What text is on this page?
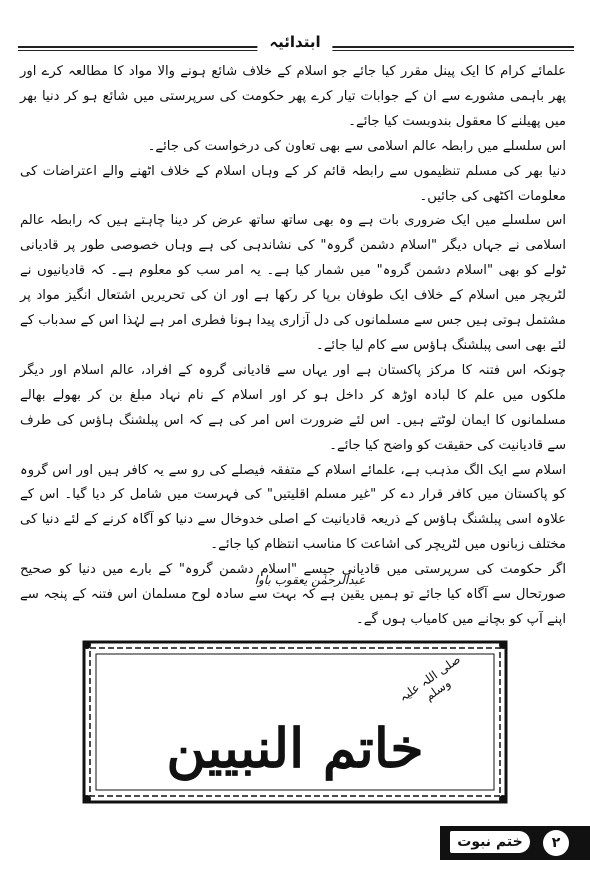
ابتدائیہ

علمائے کرام کا ایک پینل مقرر کیا جائے جو اسلام کے خلاف شائع ہونے والا مواد کا مطالعہ کرے اور پھر باہمی مشورے سے ان کے جوابات تیار کرے پھر حکومت کی سرپرستی میں شائع ہو کر دنیا بھر میں پھیلنے کا معقول بندوبست کیا جائے۔

اس سلسلے میں رابطہ عالم اسلامی سے بھی تعاون کی درخواست کی جائے۔

دنیا بھر کی مسلم تنظیموں سے رابطہ قائم کر کے وہاں اسلام کے خلاف اٹھنے والے اعتراضات کی معلومات اکٹھی کی جائیں۔

اس سلسلے میں ایک ضروری بات ہے وہ بھی ساتھ ساتھ عرض کر دینا چاہتے ہیں کہ رابطہ عالم اسلامی نے جہاں دیگر "اسلام دشمن گروہ" کی نشاندہی کی ہے وہاں خصوصی طور پر قادیانی ٹولے کو بھی "اسلام دشمن گروہ" میں شمار کیا ہے۔ یہ امر سب کو معلوم ہے۔ کہ قادیانیوں نے لٹریچر میں اسلام کے خلاف ایک طوفان برپا کر رکھا ہے اور ان کی تحریریں اشتعال انگیز مواد پر مشتمل ہوتی ہیں جس سے مسلمانوں کی دل آزاری پیدا ہونا فطری امر ہے لہٰذا اس کے سدباب کے لئے بھی اسی پبلشنگ ہاؤس سے کام لیا جائے۔

چونکہ اس فتنہ کا مرکز پاکستان ہے اور یہاں سے قادیانی گروہ کے افراد، عالم اسلام اور دیگر ملکوں میں علم کا لبادہ اوڑھ کر داخل ہو کر اور اسلام کے نام نہاد مبلغ بن کر بھولے بھالے مسلمانوں کا ایمان لوٹتے ہیں۔ اس لئے ضرورت اس امر کی ہے کہ اس پبلشنگ ہاؤس کی طرف سے قادیانیت کی حقیقت کو واضح کیا جائے۔

اسلام سے ایک الگ مذہب ہے، علمائے اسلام کے متفقہ فیصلے کی رو سے یہ کافر ہیں اور اس گروہ کو پاکستان میں کافر قرار دے کر "غیر مسلم اقلیتیں" کی فہرست میں شامل کر دیا گیا۔ اس کے علاوہ اسی پبلشنگ ہاؤس کے ذریعہ قادیانیت کے اصلی خدوخال سے دنیا کو آگاہ کرنے کے لئے دنیا کی مختلف زبانوں میں لٹریچر کی اشاعت کا مناسب انتظام کیا جائے۔

اگر حکومت کی سرپرستی میں قادیانی جیسے "اسلام دشمن گروہ" کے بارے میں دنیا کو صحیح صورتحال سے آگاہ کیا جائے تو ہمیں یقین ہے کہ بہت سے سادہ لوح مسلمان اس فتنہ کے پنجہ سے اپنے آپ کو بچانے میں کامیاب ہوں گے۔

عبدالرحمٰن یعقوب باوا
خاتم النبیین
صلی اللہ علیہ وسلم
ختم نبوت	۲
